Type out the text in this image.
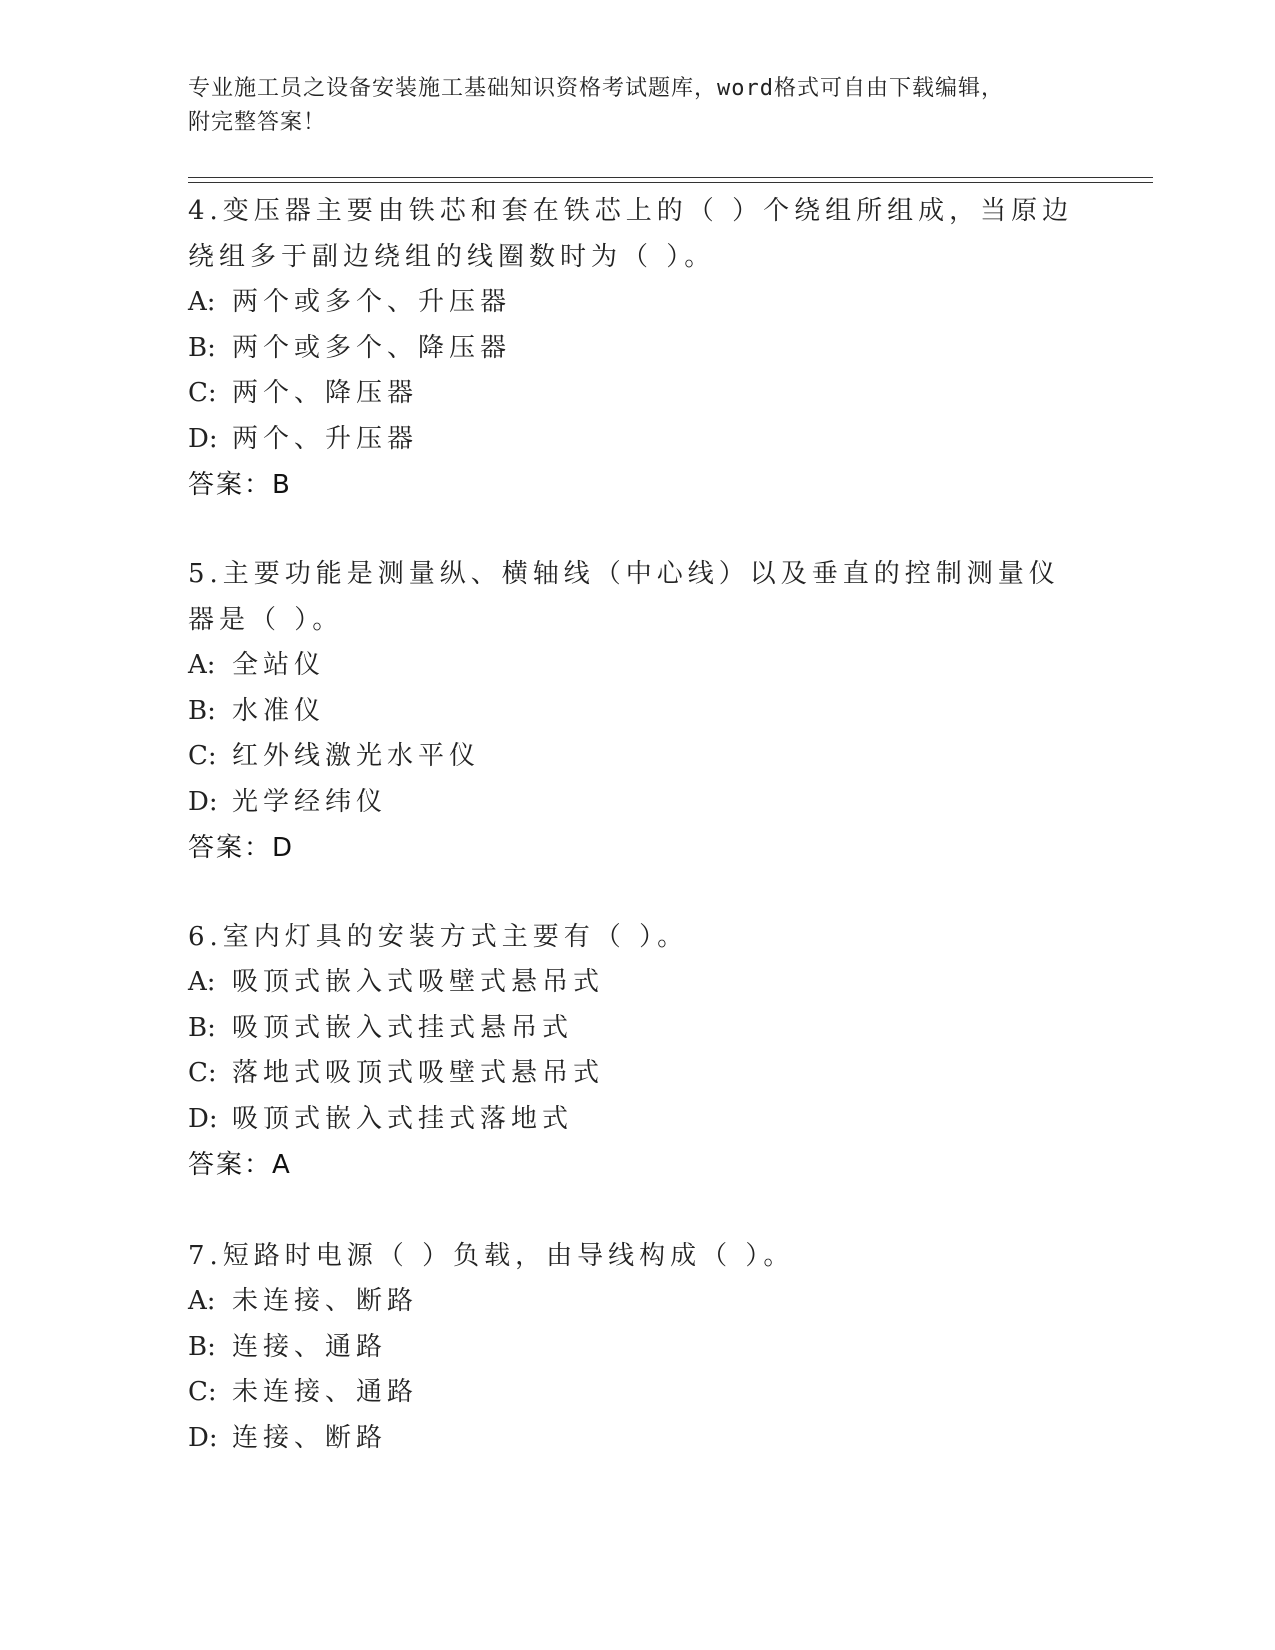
专业施工员之设备安装施工基础知识资格考试题库，word格式可自由下载编辑，
附完整答案！

4.变压器主要由铁芯和套在铁芯上的（ ）个绕组所组成，当原边绕组多于副边绕组的线圈数时为（ ）。

A: 两个或多个、升压器

B: 两个或多个、降压器

C: 两个、降压器

D: 两个、升压器

答案：B

5.主要功能是测量纵、横轴线（中心线）以及垂直的控制测量仪器是（ ）。

A: 全站仪

B: 水准仪

C: 红外线激光水平仪

D: 光学经纬仪

答案：D

6.室内灯具的安装方式主要有（ ）。

A: 吸顶式嵌入式吸壁式悬吊式

B: 吸顶式嵌入式挂式悬吊式

C: 落地式吸顶式吸壁式悬吊式

D: 吸顶式嵌入式挂式落地式

答案：A

7.短路时电源（ ）负载，由导线构成（ ）。

A: 未连接、断路

B: 连接、通路

C: 未连接、通路

D: 连接、断路
